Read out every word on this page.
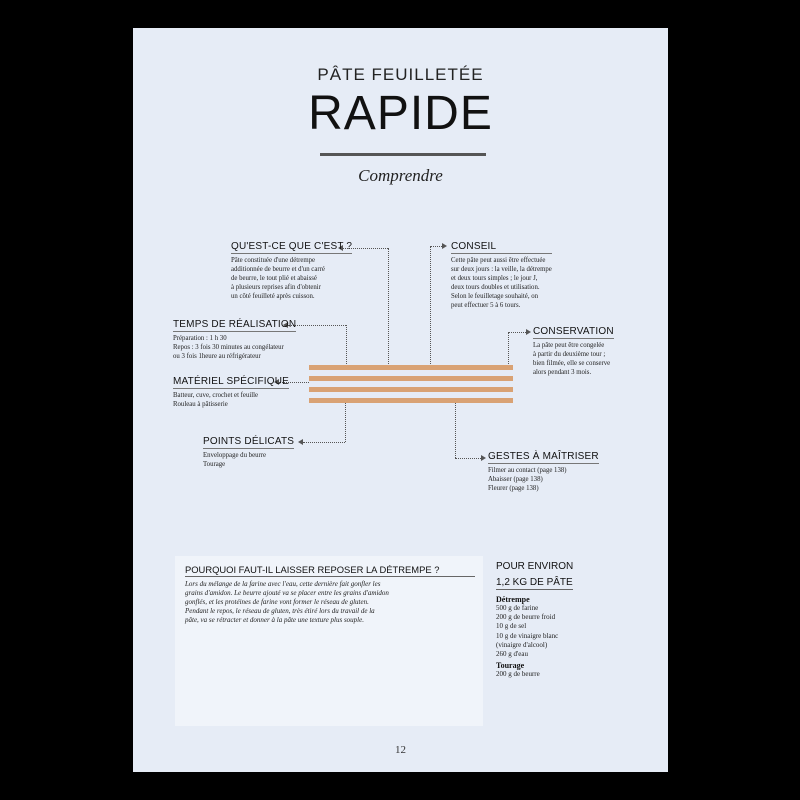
PÂTE FEUILLETÉE
RAPIDE
Comprendre
QU'EST-CE QUE C'EST ?
Pâte constituée d'une détrempe
additionnée de beurre et d'un carré
de beurre, le tout plié et abaissé
à plusieurs reprises afin d'obtenir
un côté feuilleté après cuisson.
CONSEIL
Cette pâte peut aussi être effectuée
sur deux jours : la veille, la détrempe
et deux tours simples ; le jour J,
deux tours doubles et utilisation.
Selon le feuilletage souhaité, on
peut effectuer 5 à 6 tours.
TEMPS DE RÉALISATION
Préparation : 1 h 30
Repos : 3 fois 30 minutes au congélateur
ou 3 fois 1heure au réfrigérateur
CONSERVATION
La pâte peut être congelée
à partir du deuxième tour ;
bien filmée, elle se conserve
alors pendant 3 mois.
MATÉRIEL SPÉCIFIQUE
Batteur, cuve, crochet et feuille
Rouleau à pâtisserie
POINTS DÉLICATS
Enveloppage du beurre
Tourage
GESTES À MAÎTRISER
Filmer au contact (page 138)
Abaisser (page 138)
Fleurer (page 138)
POURQUOI FAUT-IL LAISSER REPOSER LA DÉTREMPE ?
Lors du mélange de la farine avec l'eau, cette dernière fait gonfler les
grains d'amidon. Le beurre ajouté va se placer entre les grains d'amidon
gonflés, et les protéines de farine vont former le réseau de gluten.
Pendant le repos, le réseau de gluten, très étiré lors du travail de la
pâte, va se rétracter et donner à la pâte une texture plus souple.
POUR ENVIRON
1,2 KG DE PÂTE
Détrempe
500 g de farine
200 g de beurre froid
10 g de sel
10 g de vinaigre blanc
(vinaigre d'alcool)
260 g d'eau
Tourage
200 g de beurre
12
